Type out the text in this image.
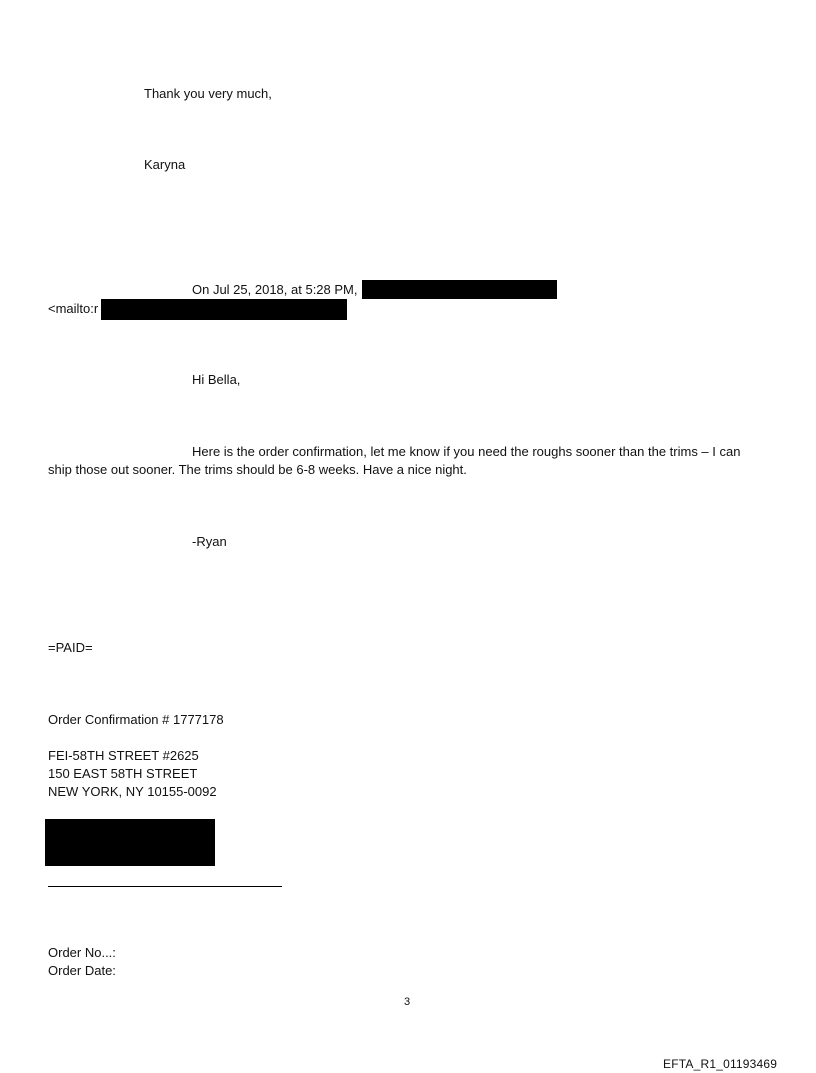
Thank you very much,
Karyna
On Jul 25, 2018, at 5:28 PM,
<mailto:r
Hi Bella,
Here is the order confirmation, let me know if you need the roughs sooner than the trims – I can
ship those out sooner. The trims should be 6-8 weeks. Have a nice night.
-Ryan
=PAID=
Order Confirmation # 1777178
FEI-58TH STREET #2625
150 EAST 58TH STREET
NEW YORK, NY 10155-0092
Order No...:
Order Date:
3
EFTA_R1_01193469
